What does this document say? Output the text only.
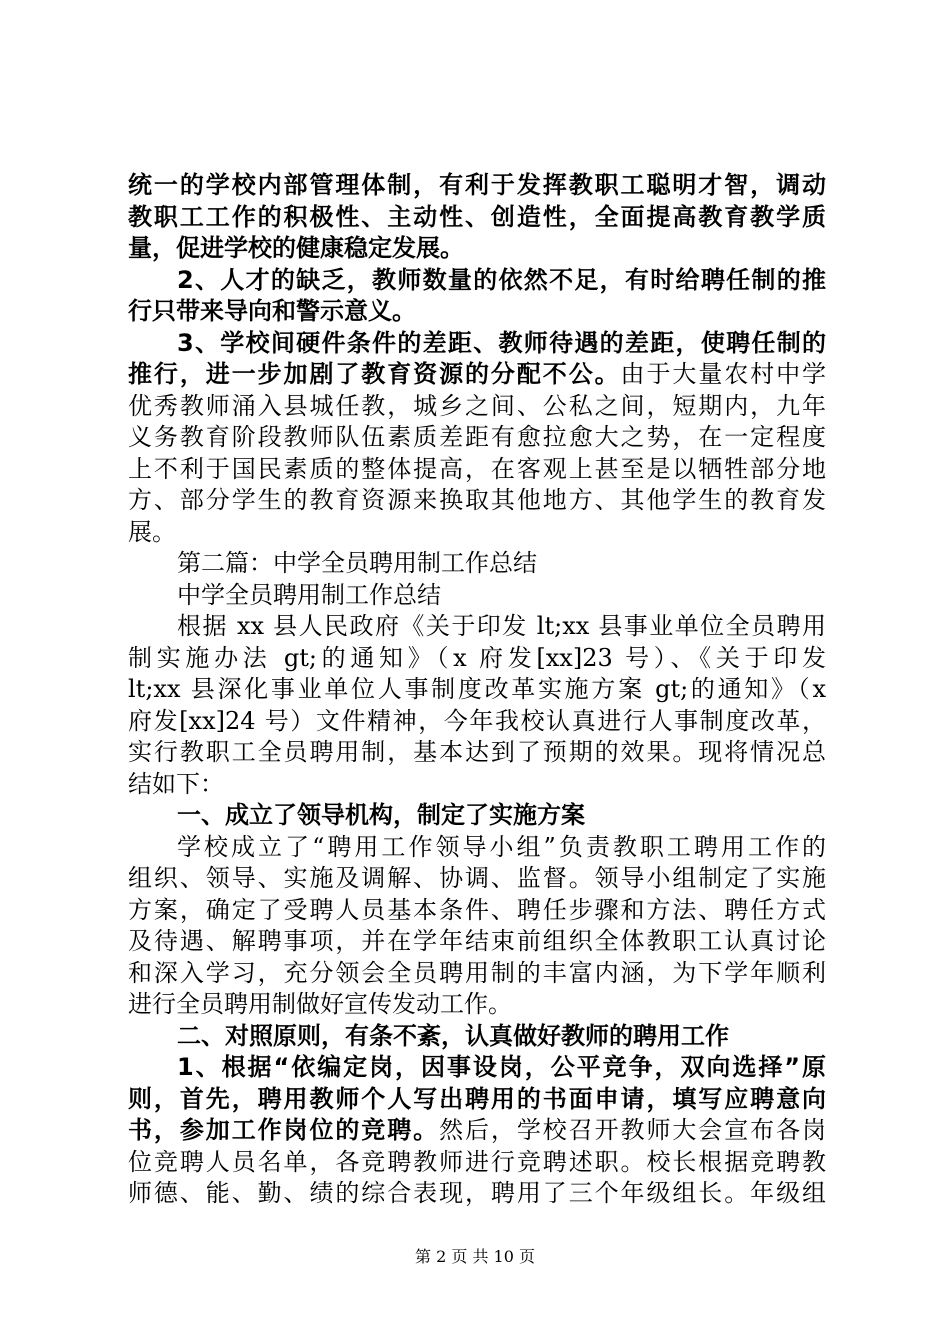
统一的学校内部管理体制，有利于发挥教职工聪明才智，调动
教职工工作的积极性、主动性、创造性，全面提高教育教学质
量，促进学校的健康稳定发展。
2、人才的缺乏，教师数量的依然不足，有时给聘任制的推
行只带来导向和警示意义。
3、学校间硬件条件的差距、教师待遇的差距，使聘任制的
推行，进一步加剧了教育资源的分配不公。由于大量农村中学
优秀教师涌入县城任教，城乡之间、公私之间，短期内，九年
义务教育阶段教师队伍素质差距有愈拉愈大之势，在一定程度
上不利于国民素质的整体提高，在客观上甚至是以牺牲部分地
方、部分学生的教育资源来换取其他地方、其他学生的教育发
展。
第二篇：中学全员聘用制工作总结
中学全员聘用制工作总结
根据 xx 县人民政府《关于印发 lt;xx 县事业单位全员聘用
制实施办法 gt;的通知》（x 府发[xx]23 号）、《关于印发
lt;xx 县深化事业单位人事制度改革实施方案 gt;的通知》（x
府发[xx]24 号）文件精神，今年我校认真进行人事制度改革，
实行教职工全员聘用制，基本达到了预期的效果。现将情况总
结如下：
一、成立了领导机构，制定了实施方案
学校成立了“聘用工作领导小组”负责教职工聘用工作的
组织、领导、实施及调解、协调、监督。领导小组制定了实施
方案，确定了受聘人员基本条件、聘任步骤和方法、聘任方式
及待遇、解聘事项，并在学年结束前组织全体教职工认真讨论
和深入学习，充分领会全员聘用制的丰富内涵，为下学年顺利
进行全员聘用制做好宣传发动工作。
二、对照原则，有条不紊，认真做好教师的聘用工作
1、根据“依编定岗，因事设岗，公平竞争，双向选择”原
则，首先，聘用教师个人写出聘用的书面申请，填写应聘意向
书，参加工作岗位的竞聘。然后，学校召开教师大会宣布各岗
位竞聘人员名单，各竞聘教师进行竞聘述职。校长根据竞聘教
师德、能、勤、绩的综合表现，聘用了三个年级组长。年级组
第 2 页 共 10 页
